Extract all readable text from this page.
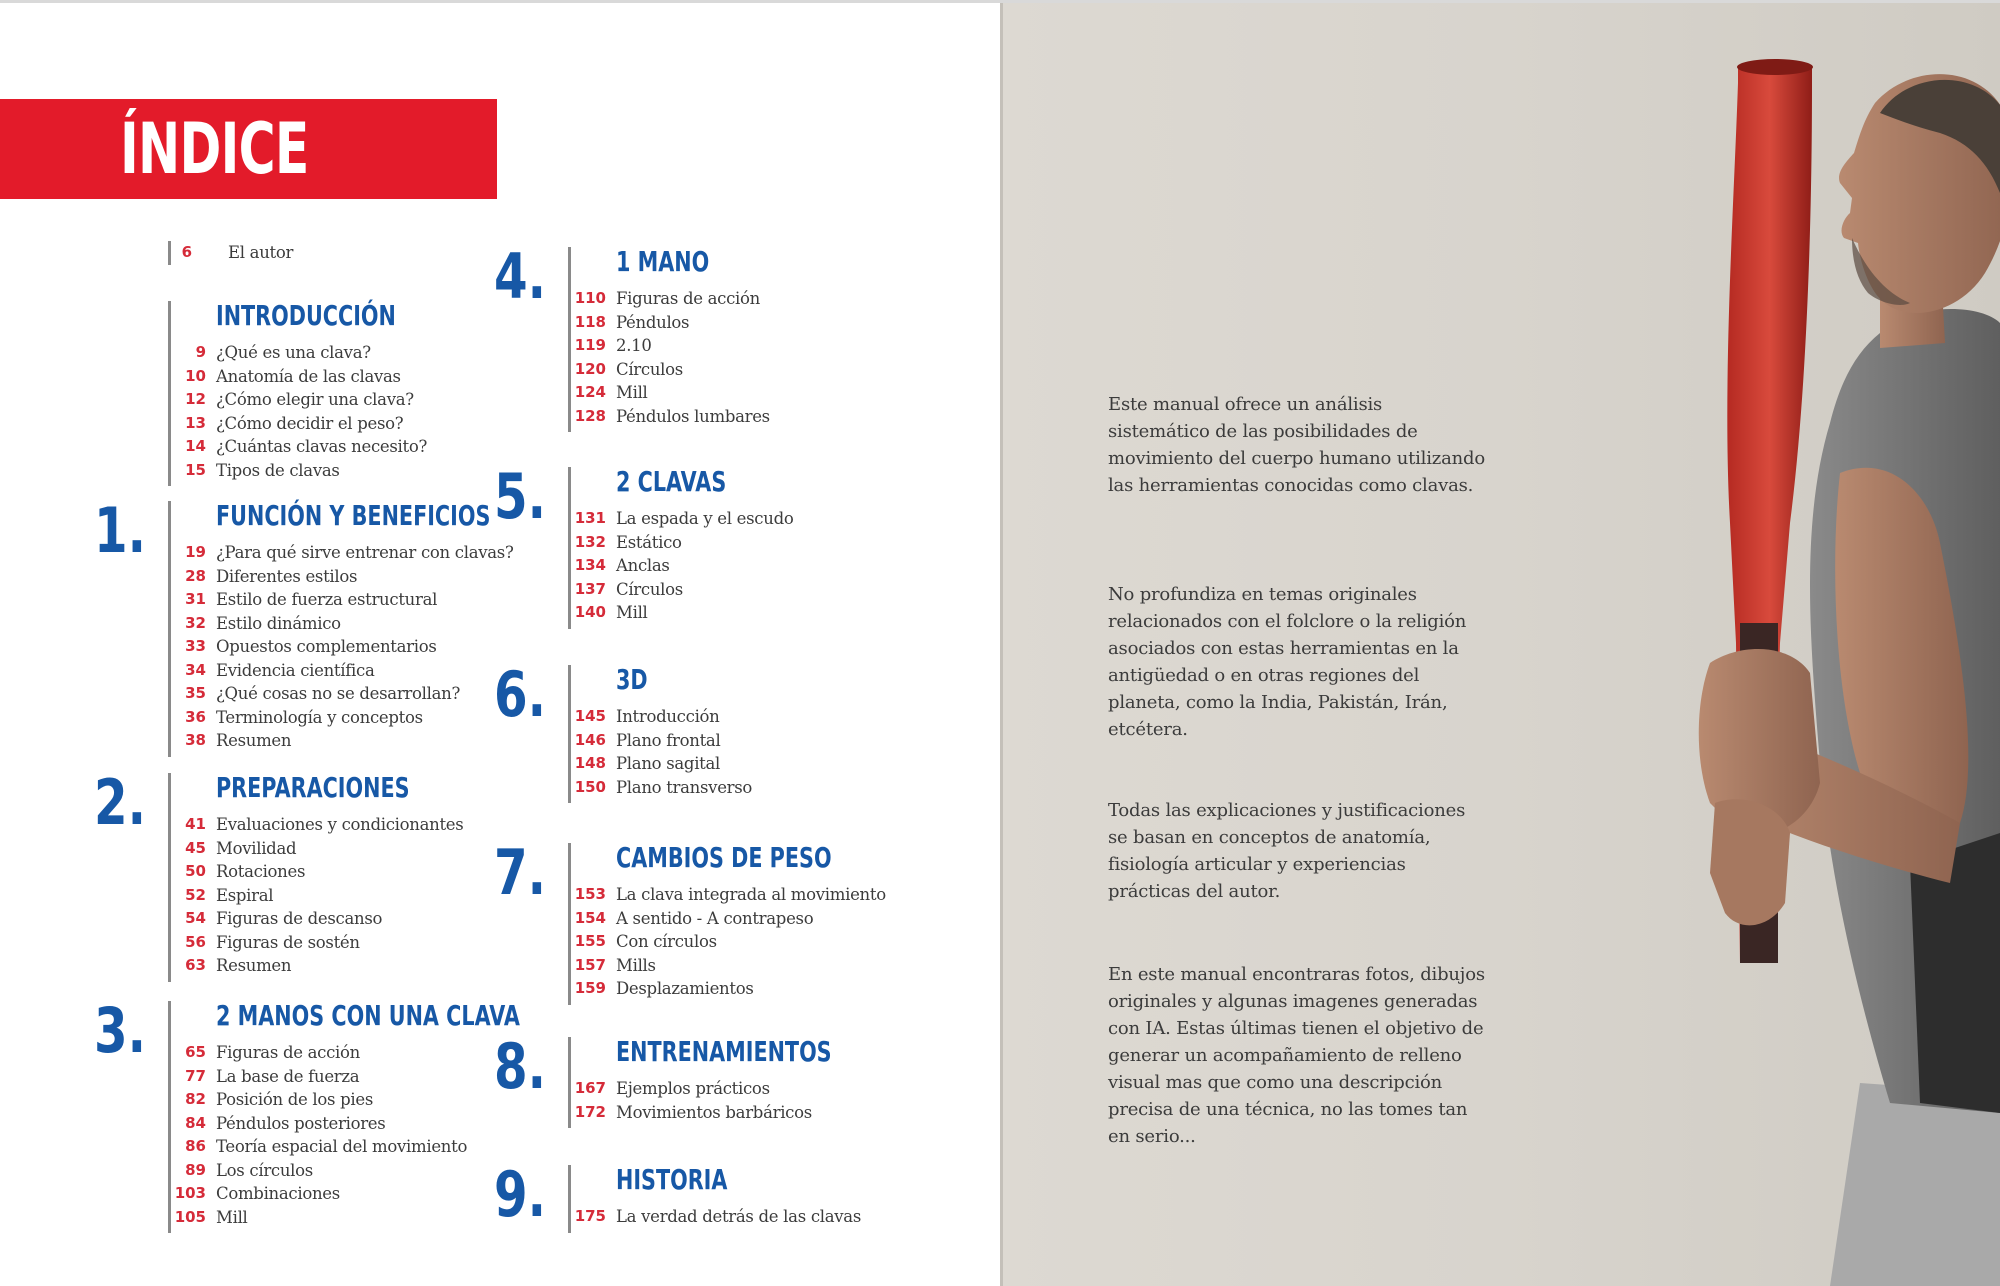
ÍNDICE
6 El autor
INTRODUCCIÓN
9 ¿Qué es una clava?
10 Anatomía de las clavas
12 ¿Cómo elegir una clava?
13 ¿Cómo decidir el peso?
14 ¿Cuántas clavas necesito?
15 Tipos de clavas
1. FUNCIÓN Y BENEFICIOS
19 ¿Para qué sirve entrenar con clavas?
28 Diferentes estilos
31 Estilo de fuerza estructural
32 Estilo dinámico
33 Opuestos complementarios
34 Evidencia científica
35 ¿Qué cosas no se desarrollan?
36 Terminología y conceptos
38 Resumen
2. PREPARACIONES
41 Evaluaciones y condicionantes
45 Movilidad
50 Rotaciones
52 Espiral
54 Figuras de descanso
56 Figuras de sostén
63 Resumen
3. 2 MANOS CON UNA CLAVA
65 Figuras de acción
77 La base de fuerza
82 Posición de los pies
84 Péndulos posteriores
86 Teoría espacial del movimiento
89 Los círculos
103 Combinaciones
105 Mill
4. 1 MANO
110 Figuras de acción
118 Péndulos
119 2.10
120 Círculos
124 Mill
128 Péndulos lumbares
5. 2 CLAVAS
131 La espada y el escudo
132 Estático
134 Anclas
137 Círculos
140 Mill
6. 3D
145 Introducción
146 Plano frontal
148 Plano sagital
150 Plano transverso
7. CAMBIOS DE PESO
153 La clava integrada al movimiento
154 A sentido - A contrapeso
155 Con círculos
157 Mills
159 Desplazamientos
8. ENTRENAMIENTOS
167 Ejemplos prácticos
172 Movimientos barbáricos
9. HISTORIA
175 La verdad detrás de las clavas

Este manual ofrece un análisis sistemático de las posibilidades de movimiento del cuerpo humano utilizando las herramientas conocidas como clavas.

No profundiza en temas originales relacionados con el folclore o la religión asociados con estas herramientas en la antigüedad o en otras regiones del planeta, como la India, Pakistán, Irán, etcétera.

Todas las explicaciones y justificaciones se basan en conceptos de anatomía, fisiología articular y experiencias prácticas del autor.

En este manual encontraras fotos, dibujos originales y algunas imagenes generadas con IA. Estas últimas tienen el objetivo de generar un acompañamiento de relleno visual mas que como una descripción precisa de una técnica, no las tomes tan en serio...
